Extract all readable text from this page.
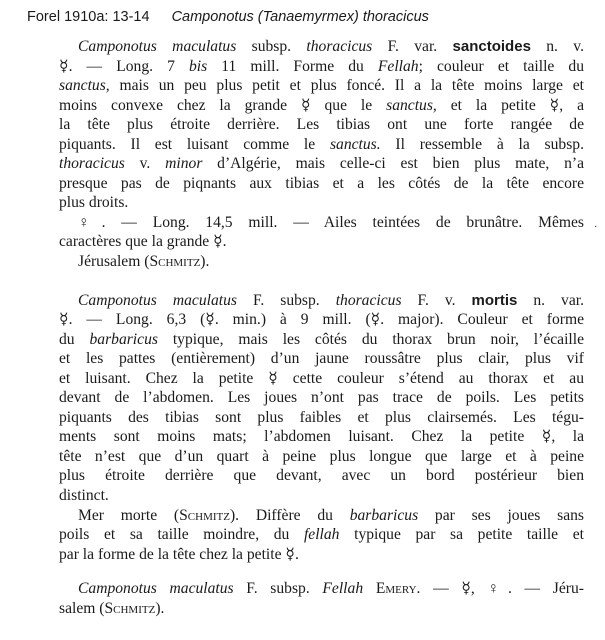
Forel 1910a: 13-14 Camponotus (Tanaemyrmex) thoracicus
Camponotus maculatus subsp. thoracicus F. var. sanctoides n. v.
☿. — Long. 7 bis 11 mill. Forme du Fellah; couleur et taille du
sanctus, mais un peu plus petit et plus foncé. Il a la tête moins large et
moins convexe chez la grande ☿ que le sanctus, et la petite ☿, a
la tête plus étroite derrière. Les tibias ont une forte rangée de
piquants. Il est luisant comme le sanctus. Il ressemble à la subsp.
thoracicus v. minor d’Algérie, mais celle-ci est bien plus mate, n’a
presque pas de piqnants aux tibias et a les côtés de la tête encore
plus droits.
♀. — Long. 14,5 mill. — Ailes teintées de brunâtre. Mêmes
caractères que la grande ☿.
Jérusalem (Schmitz).
Camponotus maculatus F. subsp. thoracicus F. v. mortis n. var.
☿. — Long. 6,3 (☿. min.) à 9 mill. (☿. major). Couleur et forme
du barbaricus typique, mais les côtés du thorax brun noir, l’écaille
et les pattes (entièrement) d’un jaune roussâtre plus clair, plus vif
et luisant. Chez la petite ☿ cette couleur s’étend au thorax et au
devant de l’abdomen. Les joues n’ont pas trace de poils. Les petits
piquants des tibias sont plus faibles et plus clairsemés. Les tégu-
ments sont moins mats; l’abdomen luisant. Chez la petite ☿, la
tête n’est que d’un quart à peine plus longue que large et à peine
plus étroite derrière que devant, avec un bord postérieur bien
distinct.
Mer morte (Schmitz). Diffère du barbaricus par ses joues sans
poils et sa taille moindre, du fellah typique par sa petite taille et
par la forme de la tête chez la petite ☿.
Camponotus maculatus F. subsp. Fellah Emery. — ☿, ♀. — Jéru-
salem (Schmitz).
·
